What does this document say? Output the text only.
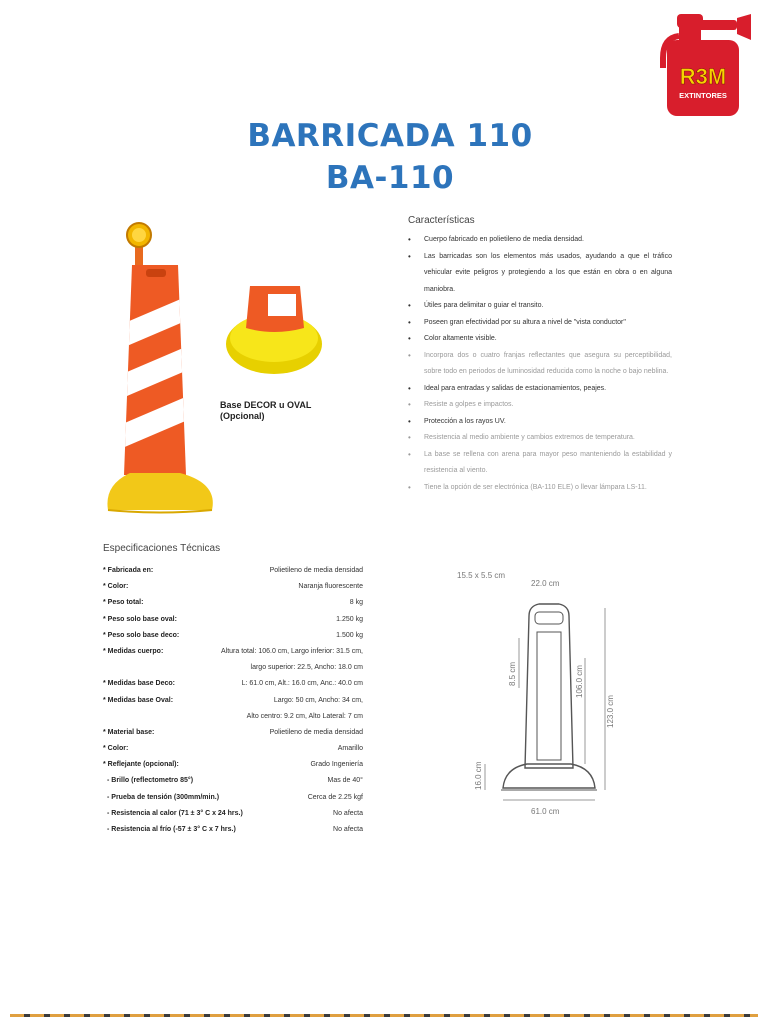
R3M
EXTINTORES
BARRICADA 110
BA-110
Base DECOR u OVAL
(Opcional)
Características
• Cuerpo fabricado en polietileno de media densidad.
• Las barricadas son los elementos más usados, ayudando a que el tráfico vehicular evite peligros y protegiendo a los que están en obra o en alguna maniobra.
• Útiles para delimitar o guiar el transito.
• Poseen gran efectividad por su altura a nivel de "vista conductor"
• Color altamente visible.
• Incorpora dos o cuatro franjas reflectantes que asegura su perceptibilidad, sobre todo en periodos de luminosidad reducida como la noche o bajo neblina.
• Ideal para entradas y salidas de estacionamientos, peajes.
• Resiste a golpes e impactos.
• Protección a los rayos UV.
• Resistencia al medio ambiente y cambios extremos de temperatura.
• La base se rellena con arena para mayor peso manteniendo la estabilidad y resistencia al viento.
• Tiene la opción de ser electrónica (BA-110 ELE) o llevar lámpara LS-11.
Especificaciones Técnicas
* Fabricada en:	Polietileno de media densidad
* Color:	Naranja fluorescente
* Peso total:	8 kg
* Peso solo base oval:	1.250 kg
* Peso solo base deco:	1.500 kg
* Medidas cuerpo:	Altura total: 106.0 cm, Largo inferior: 31.5 cm,
largo superior: 22.5, Ancho: 18.0 cm
* Medidas base Deco:	L: 61.0 cm, Alt.: 16.0 cm, Anc.: 40.0 cm
* Medidas base Oval:	Largo: 50 cm, Ancho: 34 cm,
Alto centro: 9.2 cm, Alto Lateral: 7 cm
* Material base:	Polietileno de media densidad
* Color:	Amarillo
* Reflejante (opcional):	Grado Ingeniería
- Brillo (reflectometro 85°)	Mas de 40°
- Prueba de tensión (300mm/min.)	Cerca de 2.25 kgf
- Resistencia al calor (71 ± 3° C x 24 hrs.)	No afecta
- Resistencia al frío (-57 ± 3° C x 7 hrs.)	No afecta
15.5 x 5.5 cm
22.0 cm
8.5 cm	106.0 cm
123.0 cm
16.0 cm
61.0 cm
